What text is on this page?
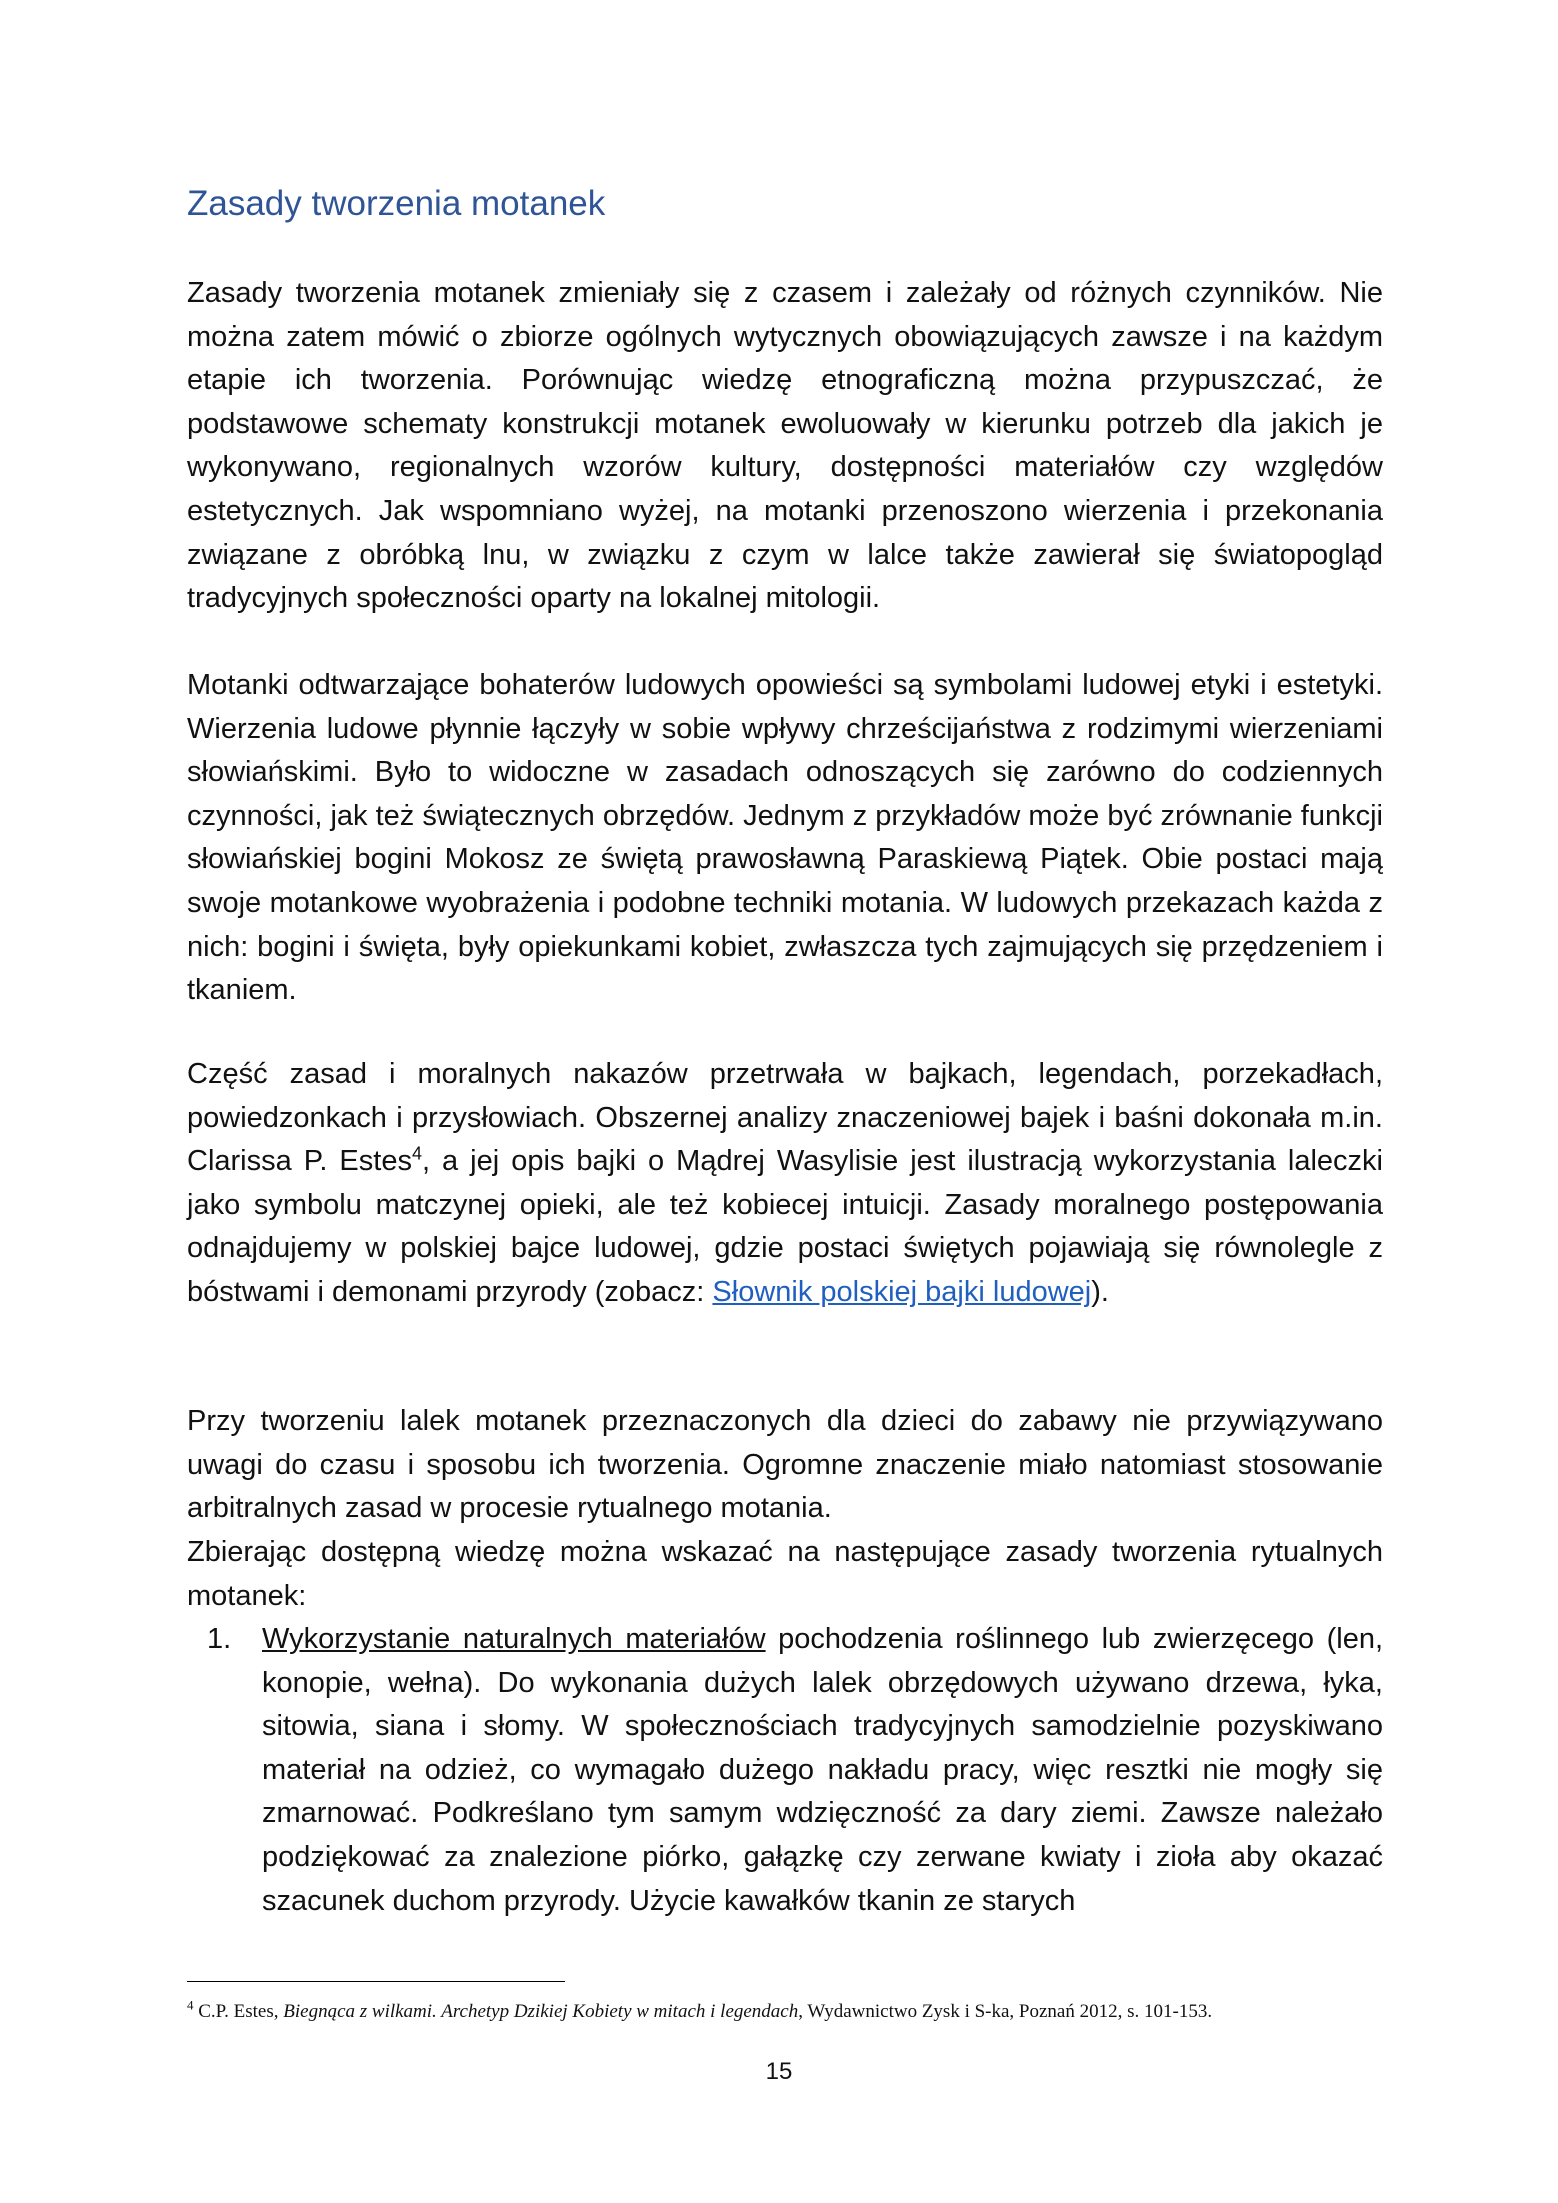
Zasady tworzenia motanek

Zasady tworzenia motanek zmieniały się z czasem i zależały od różnych czynników. Nie można zatem mówić o zbiorze ogólnych wytycznych obowiązujących zawsze i na każdym etapie ich tworzenia. Porównując wiedzę etnograficzną można przypuszczać, że podstawowe schematy konstrukcji motanek ewoluowały w kierunku potrzeb dla jakich je wykonywano, regionalnych wzorów kultury, dostępności materiałów czy względów estetycznych. Jak wspomniano wyżej, na motanki przenoszono wierzenia i przekonania związane z obróbką lnu, w związku z czym w lalce także zawierał się światopogląd tradycyjnych społeczności oparty na lokalnej mitologii.

Motanki odtwarzające bohaterów ludowych opowieści są symbolami ludowej etyki i estetyki. Wierzenia ludowe płynnie łączyły w sobie wpływy chrześcijaństwa z rodzimymi wierzeniami słowiańskimi. Było to widoczne w zasadach odnoszących się zarówno do codziennych czynności, jak też świątecznych obrzędów. Jednym z przykładów może być zrównanie funkcji słowiańskiej bogini Mokosz ze świętą prawosławną Paraskiewą Piątek. Obie postaci mają swoje motankowe wyobrażenia i podobne techniki motania. W ludowych przekazach każda z nich: bogini i święta, były opiekunkami kobiet, zwłaszcza tych zajmujących się przędzeniem i tkaniem.

Część zasad i moralnych nakazów przetrwała w bajkach, legendach, porzekadłach, powiedzonkach i przysłowiach. Obszernej analizy znaczeniowej bajek i baśni dokonała m.in. Clarissa P. Estes$^4$, a jej opis bajki o Mądrej Wasylisie jest ilustracją wykorzystania laleczki jako symbolu matczynej opieki, ale też kobiecej intuicji. Zasady moralnego postępowania odnajdujemy w polskiej bajce ludowej, gdzie postaci świętych pojawiają się równolegle z bóstwami i demonami przyrody (zobacz: Słownik polskiej bajki ludowej).

Przy tworzeniu lalek motanek przeznaczonych dla dzieci do zabawy nie przywiązywano uwagi do czasu i sposobu ich tworzenia. Ogromne znaczenie miało natomiast stosowanie arbitralnych zasad w procesie rytualnego motania.

Zbierając dostępną wiedzę można wskazać na następujące zasady tworzenia rytualnych motanek:

1.	Wykorzystanie naturalnych materiałów pochodzenia roślinnego lub zwierzęcego (len, konopie, wełna). Do wykonania dużych lalek obrzędowych używano drzewa, łyka, sitowia, siana i słomy. W społecznościach tradycyjnych samodzielnie pozyskiwano materiał na odzież, co wymagało dużego nakładu pracy, więc resztki nie mogły się zmarnować. Podkreślano tym samym wdzięczność za dary ziemi. Zawsze należało podziękować za znalezione piórko, gałązkę czy zerwane kwiaty i zioła aby okazać szacunek duchom przyrody. Użycie kawałków tkanin ze starych

$^4$ C.P. Estes, Biegnąca z wilkami. Archetyp Dzikiej Kobiety w mitach i legendach, Wydawnictwo Zysk i S-ka, Poznań 2012, s. 101-153.

15
